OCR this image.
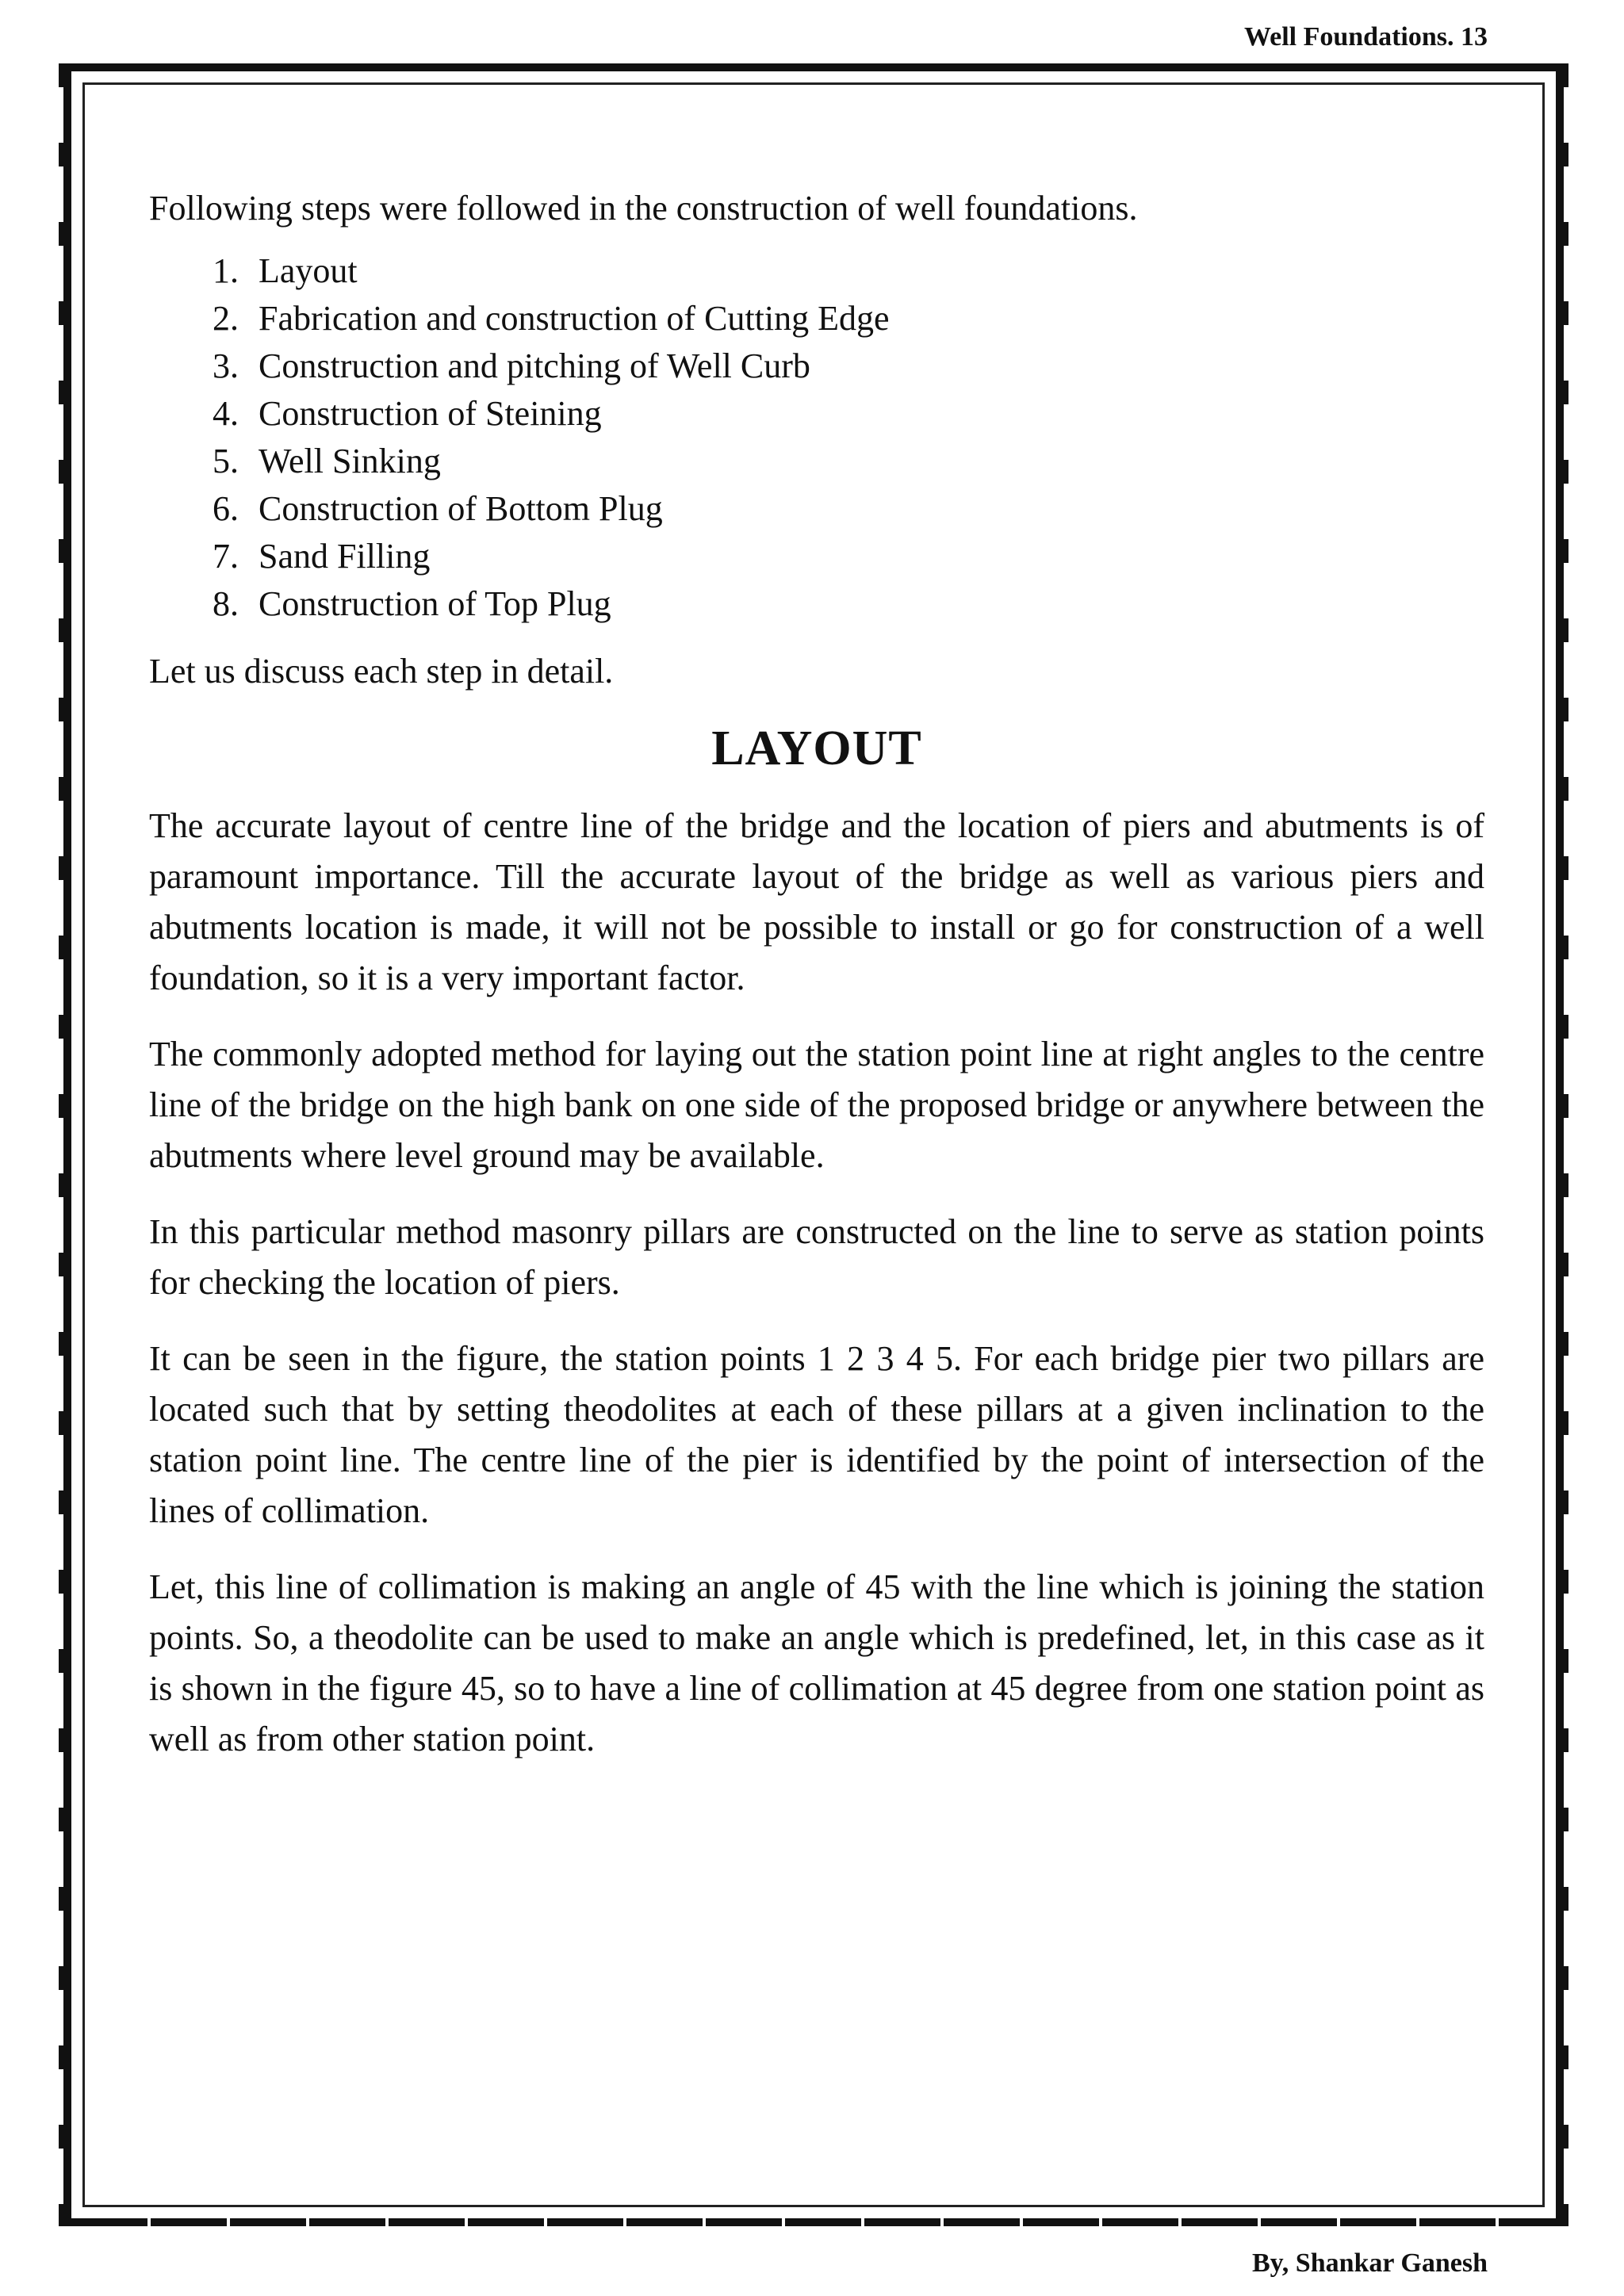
Well Foundations. 13

Following steps were followed in the construction of well foundations.

1. Layout
2. Fabrication and construction of Cutting Edge
3. Construction and pitching of Well Curb
4. Construction of Steining
5. Well Sinking
6. Construction of Bottom Plug
7. Sand Filling
8. Construction of Top Plug

Let us discuss each step in detail.

LAYOUT

The accurate layout of centre line of the bridge and the location of piers and abutments is of paramount importance. Till the accurate layout of the bridge as well as various piers and abutments location is made, it will not be possible to install or go for construction of a well foundation, so it is a very important factor.

The commonly adopted method for laying out the station point line at right angles to the centre line of the bridge on the high bank on one side of the proposed bridge or anywhere between the abutments where level ground may be available.

In this particular method masonry pillars are constructed on the line to serve as station points for checking the location of piers.

It can be seen in the figure, the station points 1 2 3 4 5. For each bridge pier two pillars are located such that by setting theodolites at each of these pillars at a given inclination to the station point line. The centre line of the pier is identified by the point of intersection of the lines of collimation.

Let, this line of collimation is making an angle of 45 with the line which is joining the station points. So, a theodolite can be used to make an angle which is predefined, let, in this case as it is shown in the figure 45, so to have a line of collimation at 45 degree from one station point as well as from other station point.

By, Shankar Ganesh
